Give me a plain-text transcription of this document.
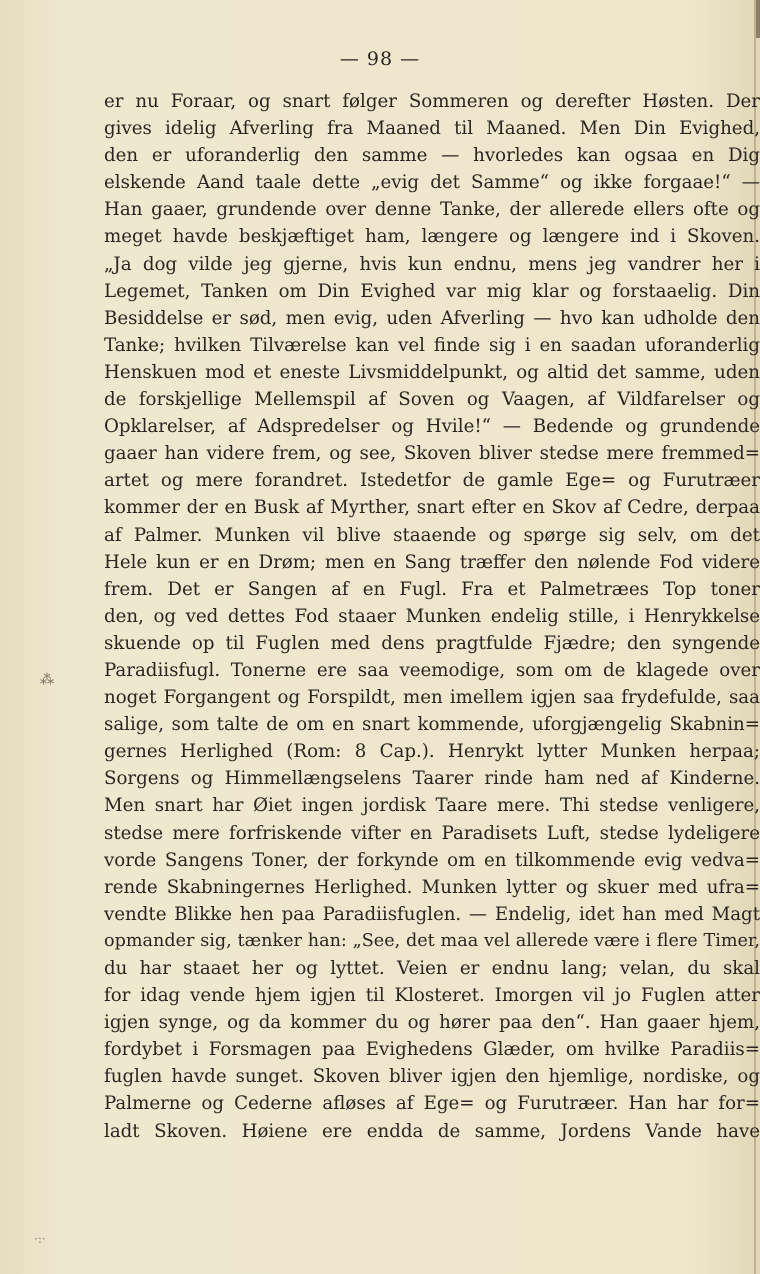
— 98 —
er nu Foraar, og snart følger Sommeren og derefter Høsten. Der
gives idelig Afverling fra Maaned til Maaned. Men Din Evighed,
den er uforanderlig den samme — hvorledes kan ogsaa en Dig
elskende Aand taale dette „evig det Samme“ og ikke forgaae!“ —
Han gaaer, grundende over denne Tanke, der allerede ellers ofte og
meget havde beskjæftiget ham, længere og længere ind i Skoven.
„Ja dog vilde jeg gjerne, hvis kun endnu, mens jeg vandrer her i
Legemet, Tanken om Din Evighed var mig klar og forstaaelig. Din
Besiddelse er sød, men evig, uden Afverling — hvo kan udholde den
Tanke; hvilken Tilværelse kan vel finde sig i en saadan uforanderlig
Henskuen mod et eneste Livsmiddelpunkt, og altid det samme, uden
de forskjellige Mellemspil af Soven og Vaagen, af Vildfarelser og
Opklarelser, af Adspredelser og Hvile!“ — Bedende og grundende
gaaer han videre frem, og see, Skoven bliver stedse mere fremmed=
artet og mere forandret. Istedetfor de gamle Ege= og Furutræer
kommer der en Busk af Myrther, snart efter en Skov af Cedre, derpaa
af Palmer. Munken vil blive staaende og spørge sig selv, om det
Hele kun er en Drøm; men en Sang træffer den nølende Fod videre
frem. Det er Sangen af en Fugl. Fra et Palmetræes Top toner
den, og ved dettes Fod staaer Munken endelig stille, i Henrykkelse
skuende op til Fuglen med dens pragtfulde Fjædre; den syngende
Paradiisfugl. Tonerne ere saa veemodige, som om de klagede over
noget Forgangent og Forspildt, men imellem igjen saa frydefulde, saa
salige, som talte de om en snart kommende, uforgjængelig Skabnin=
gernes Herlighed (Rom: 8 Cap.). Henrykt lytter Munken herpaa;
Sorgens og Himmellængselens Taarer rinde ham ned af Kinderne.
Men snart har Øiet ingen jordisk Taare mere. Thi stedse venligere,
stedse mere forfriskende vifter en Paradisets Luft, stedse lydeligere
vorde Sangens Toner, der forkynde om en tilkommende evig vedva=
rende Skabningernes Herlighed. Munken lytter og skuer med ufra=
vendte Blikke hen paa Paradiisfuglen. — Endelig, idet han med Magt
opmander sig, tænker han: „See, det maa vel allerede være i flere Timer,
du har staaet her og lyttet. Veien er endnu lang; velan, du skal
for idag vende hjem igjen til Klosteret. Imorgen vil jo Fuglen atter
igjen synge, og da kommer du og hører paa den“. Han gaaer hjem,
fordybet i Forsmagen paa Evighedens Glæder, om hvilke Paradiis=
fuglen havde sunget. Skoven bliver igjen den hjemlige, nordiske, og
Palmerne og Cederne afløses af Ege= og Furutræer. Han har for=
ladt Skoven. Høiene ere endda de samme, Jordens Vande have
⁂
·:·
